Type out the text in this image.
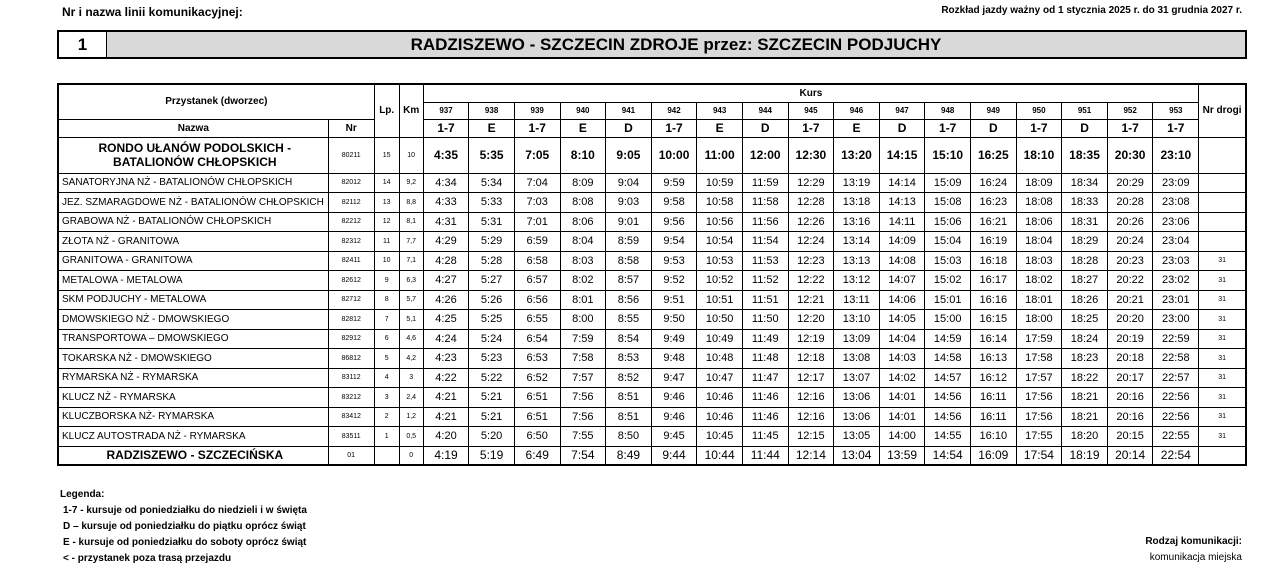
Nr i nazwa linii komunikacyjnej:	Rozkład jazdy ważny od 1 stycznia 2025 r. do 31 grudnia 2027 r.
1	RADZISZEWO - SZCZECIN ZDROJE przez: SZCZECIN PODJUCHY
Przystanek (dworzec)		Lp.	Km	Kurs																	Nr drogi
				937	938	939	940	941	942	943	944	945	946	947	948	949	950	951	952	953	
Nazwa	Nr			1-7	E	1-7	E	D	1-7	E	D	1-7	E	D	1-7	D	1-7	D	1-7	1-7	
RONDO UŁANÓW PODOLSKICH - BATALIONÓW CHŁOPSKICH	80211	15	10	4:35	5:35	7:05	8:10	9:05	10:00	11:00	12:00	12:30	13:20	14:15	15:10	16:25	18:10	18:35	20:30	23:10	
SANATORYJNA NŻ - BATALIONÓW CHŁOPSKICH	82012	14	9,2	4:34	5:34	7:04	8:09	9:04	9:59	10:59	11:59	12:29	13:19	14:14	15:09	16:24	18:09	18:34	20:29	23:09	
JEZ. SZMARAGDOWE NŻ - BATALIONÓW CHŁOPSKICH	82112	13	8,8	4:33	5:33	7:03	8:08	9:03	9:58	10:58	11:58	12:28	13:18	14:13	15:08	16:23	18:08	18:33	20:28	23:08	
GRABOWA NŻ - BATALIONÓW CHŁOPSKICH	82212	12	8,1	4:31	5:31	7:01	8:06	9:01	9:56	10:56	11:56	12:26	13:16	14:11	15:06	16:21	18:06	18:31	20:26	23:06	
ZŁOTA NŻ - GRANITOWA	82312	11	7,7	4:29	5:29	6:59	8:04	8:59	9:54	10:54	11:54	12:24	13:14	14:09	15:04	16:19	18:04	18:29	20:24	23:04	
GRANITOWA - GRANITOWA	82411	10	7,1	4:28	5:28	6:58	8:03	8:58	9:53	10:53	11:53	12:23	13:13	14:08	15:03	16:18	18:03	18:28	20:23	23:03	31
METALOWA - METALOWA	82612	9	6,3	4:27	5:27	6:57	8:02	8:57	9:52	10:52	11:52	12:22	13:12	14:07	15:02	16:17	18:02	18:27	20:22	23:02	31
SKM PODJUCHY - METALOWA	82712	8	5,7	4:26	5:26	6:56	8:01	8:56	9:51	10:51	11:51	12:21	13:11	14:06	15:01	16:16	18:01	18:26	20:21	23:01	31
DMOWSKIEGO NŻ - DMOWSKIEGO	82812	7	5,1	4:25	5:25	6:55	8:00	8:55	9:50	10:50	11:50	12:20	13:10	14:05	15:00	16:15	18:00	18:25	20:20	23:00	31
TRANSPORTOWA – DMOWSKIEGO	82912	6	4,6	4:24	5:24	6:54	7:59	8:54	9:49	10:49	11:49	12:19	13:09	14:04	14:59	16:14	17:59	18:24	20:19	22:59	31
TOKARSKA NŻ - DMOWSKIEGO	86812	5	4,2	4:23	5:23	6:53	7:58	8:53	9:48	10:48	11:48	12:18	13:08	14:03	14:58	16:13	17:58	18:23	20:18	22:58	31
RYMARSKA NŻ - RYMARSKA	83112	4	3	4:22	5:22	6:52	7:57	8:52	9:47	10:47	11:47	12:17	13:07	14:02	14:57	16:12	17:57	18:22	20:17	22:57	31
KLUCZ NŻ - RYMARSKA	83212	3	2,4	4:21	5:21	6:51	7:56	8:51	9:46	10:46	11:46	12:16	13:06	14:01	14:56	16:11	17:56	18:21	20:16	22:56	31
KLUCZBORSKA NŻ- RYMARSKA	83412	2	1,2	4:21	5:21	6:51	7:56	8:51	9:46	10:46	11:46	12:16	13:06	14:01	14:56	16:11	17:56	18:21	20:16	22:56	31
KLUCZ AUTOSTRADA NŻ - RYMARSKA	83511	1	0,5	4:20	5:20	6:50	7:55	8:50	9:45	10:45	11:45	12:15	13:05	14:00	14:55	16:10	17:55	18:20	20:15	22:55	31
RADZISZEWO - SZCZECIŃSKA	01		0	4:19	5:19	6:49	7:54	8:49	9:44	10:44	11:44	12:14	13:04	13:59	14:54	16:09	17:54	18:19	20:14	22:54	
Legenda:
1-7 - kursuje od poniedziałku do niedzieli i w święta
D – kursuje od poniedziałku do piątku oprócz świąt
E - kursuje od poniedziałku do soboty oprócz świąt
< - przystanek poza trasą przejazdu
Rodzaj komunikacji:
komunikacja miejska
